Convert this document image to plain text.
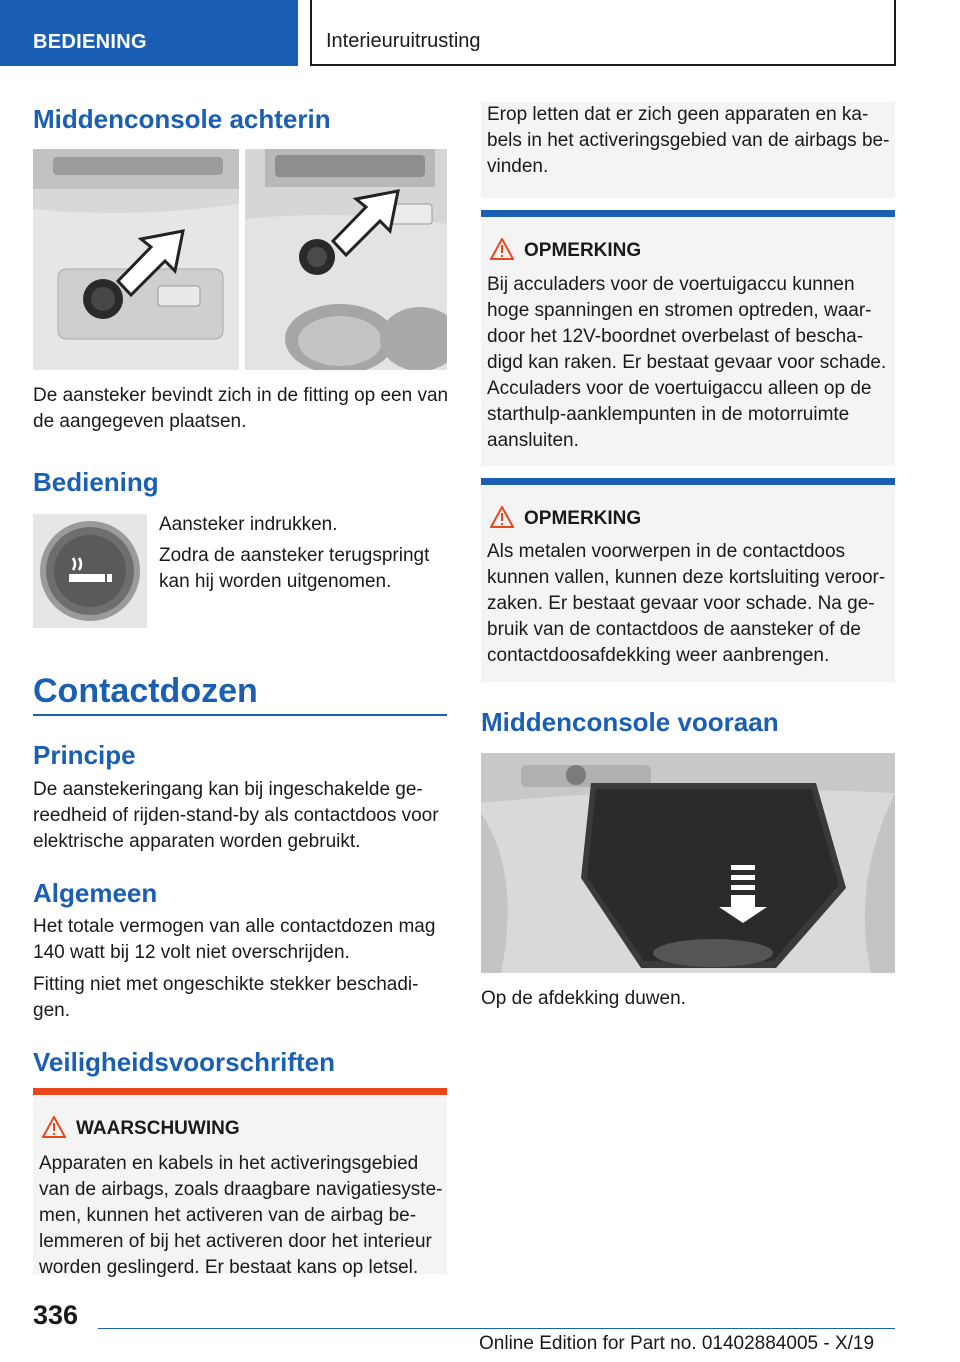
BEDIENING	Interieuruitrusting
Middenconsole achterin

De aansteker bevindt zich in de fitting op een van
de aangegeven plaatsen.

Bediening

Aansteker indrukken.

Zodra de aansteker terugspringt
kan hij worden uitgenomen.

Contactdozen
Principe

De aanstekeringang kan bij ingeschakelde ge-
reedheid of rijden-stand-by als contactdoos voor
elektrische apparaten worden gebruikt.

Algemeen

Het totale vermogen van alle contactdozen mag
140 watt bij 12 volt niet overschrijden.

Fitting niet met ongeschikte stekker beschadi-
gen.

Veiligheidsvoorschriften
WAARSCHUWING
Apparaten en kabels in het activeringsgebied
van de airbags, zoals draagbare navigatiesyste-
men, kunnen het activeren van de airbag be-
lemmeren of bij het activeren door het interieur
worden geslingerd. Er bestaat kans op letsel.
Erop letten dat er zich geen apparaten en ka-
bels in het activeringsgebied van de airbags be-
vinden.
OPMERKING
Bij acculaders voor de voertuigaccu kunnen
hoge spanningen en stromen optreden, waar-
door het 12V-boordnet overbelast of bescha-
digd kan raken. Er bestaat gevaar voor schade.
Acculaders voor de voertuigaccu alleen op de
starthulp-aanklempunten in de motorruimte
aansluiten.
OPMERKING
Als metalen voorwerpen in de contactdoos
kunnen vallen, kunnen deze kortsluiting veroor-
zaken. Er bestaat gevaar voor schade. Na ge-
bruik van de contactdoos de aansteker of de
contactdoosafdekking weer aanbrengen.
Middenconsole vooraan

Op de afdekking duwen.

336
Online Edition for Part no. 01402884005 - X/19
